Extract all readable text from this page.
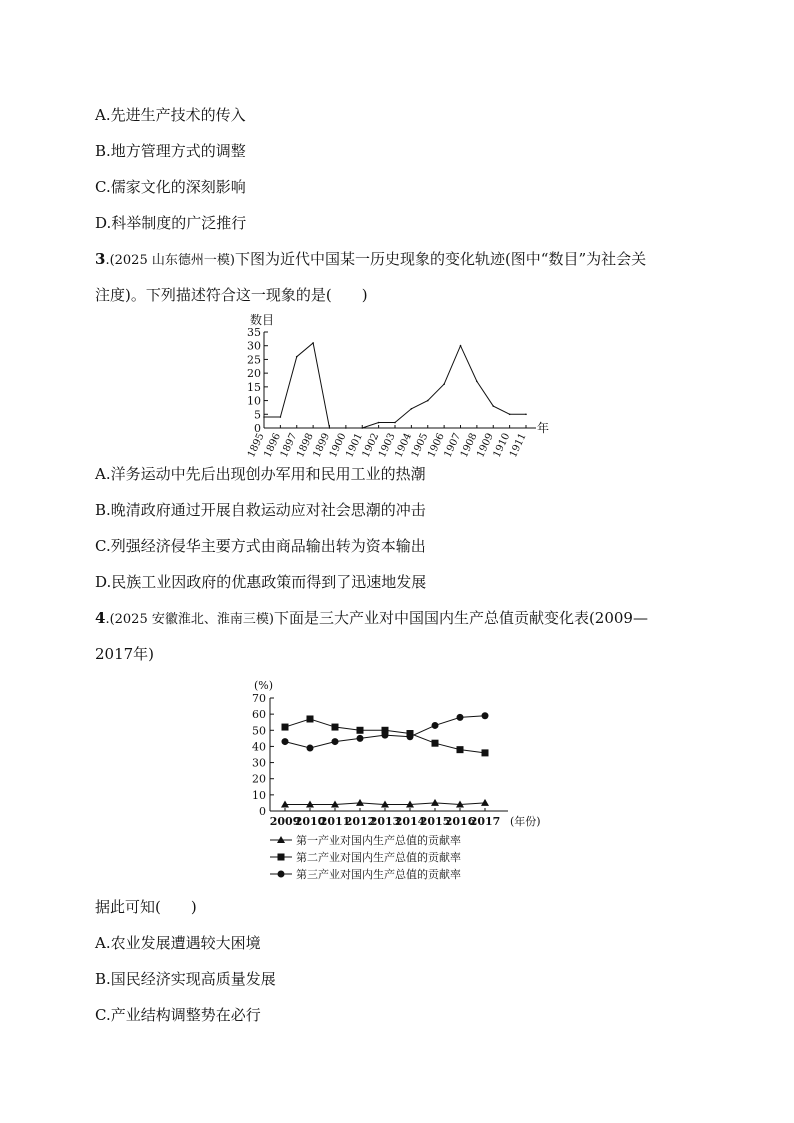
A.先进生产技术的传入
B.地方管理方式的调整
C.儒家文化的深刻影响
D.科举制度的广泛推行
3.(2025 山东德州一模)下图为近代中国某一历史现象的变化轨迹(图中“数目”为社会关
注度)。下列描述符合这一现象的是(　　)
0
5
10
15
20
25
30
35
数目
1895
1896
1897
1898
1899
1900
1901
1902
1903
1904
1905
1906
1907
1908
1909
1910
1911
年
A.洋务运动中先后出现创办军用和民用工业的热潮
B.晚清政府通过开展自救运动应对社会思潮的冲击
C.列强经济侵华主要方式由商品输出转为资本输出
D.民族工业因政府的优惠政策而得到了迅速地发展
4.(2025 安徽淮北、淮南三模)下面是三大产业对中国国内生产总值贡献变化表(2009—
2017年)
0
10
20
30
40
50
60
70
(%)
2009
2010
2011
2012
2013
2014
2015
2016
2017 (年份)
第一产业对国内生产总值的贡献率
第二产业对国内生产总值的贡献率
第三产业对国内生产总值的贡献率
据此可知(　　)
A.农业发展遭遇较大困境
B.国民经济实现高质量发展
C.产业结构调整势在必行
